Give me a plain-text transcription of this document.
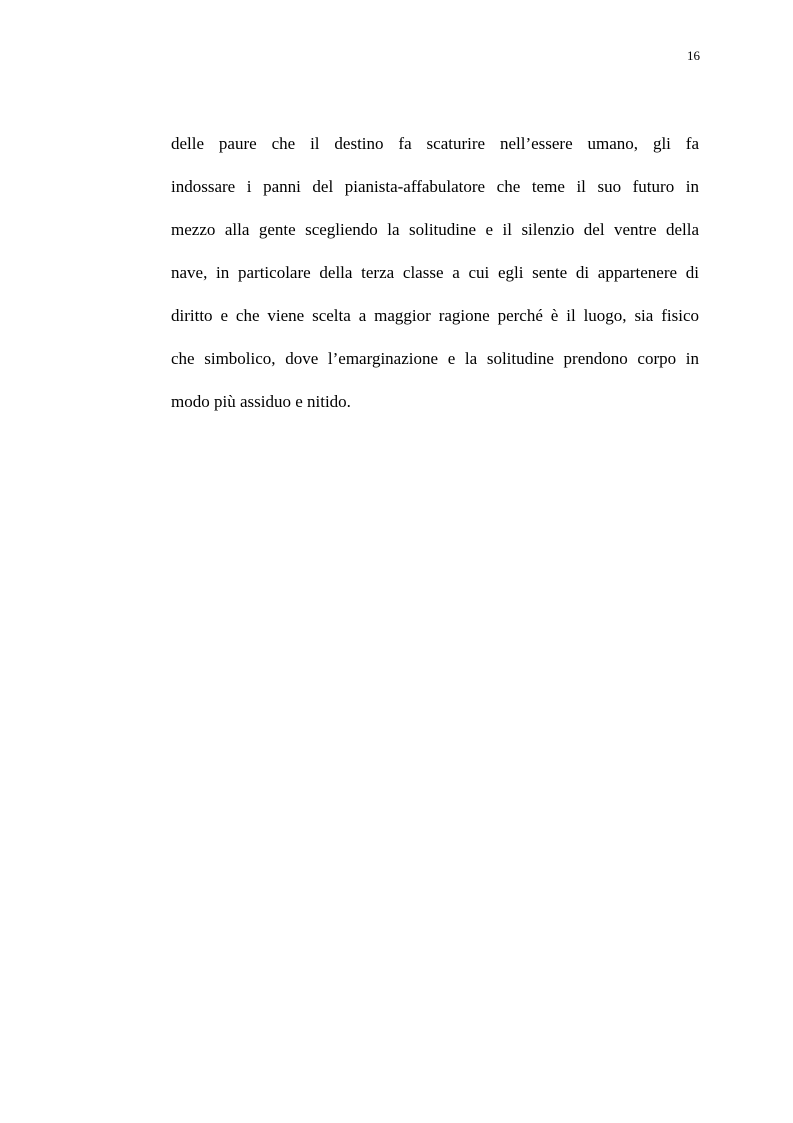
16
delle paure che il destino fa scaturire nell’essere umano, gli fa
indossare i panni del pianista-affabulatore che teme il suo futuro in
mezzo alla gente scegliendo la solitudine e il silenzio del ventre della
nave, in particolare della terza classe a cui egli sente di appartenere di
diritto e che viene scelta a maggior ragione perché è il luogo, sia fisico
che simbolico, dove l’emarginazione e la solitudine prendono corpo in
modo più assiduo e nitido.
